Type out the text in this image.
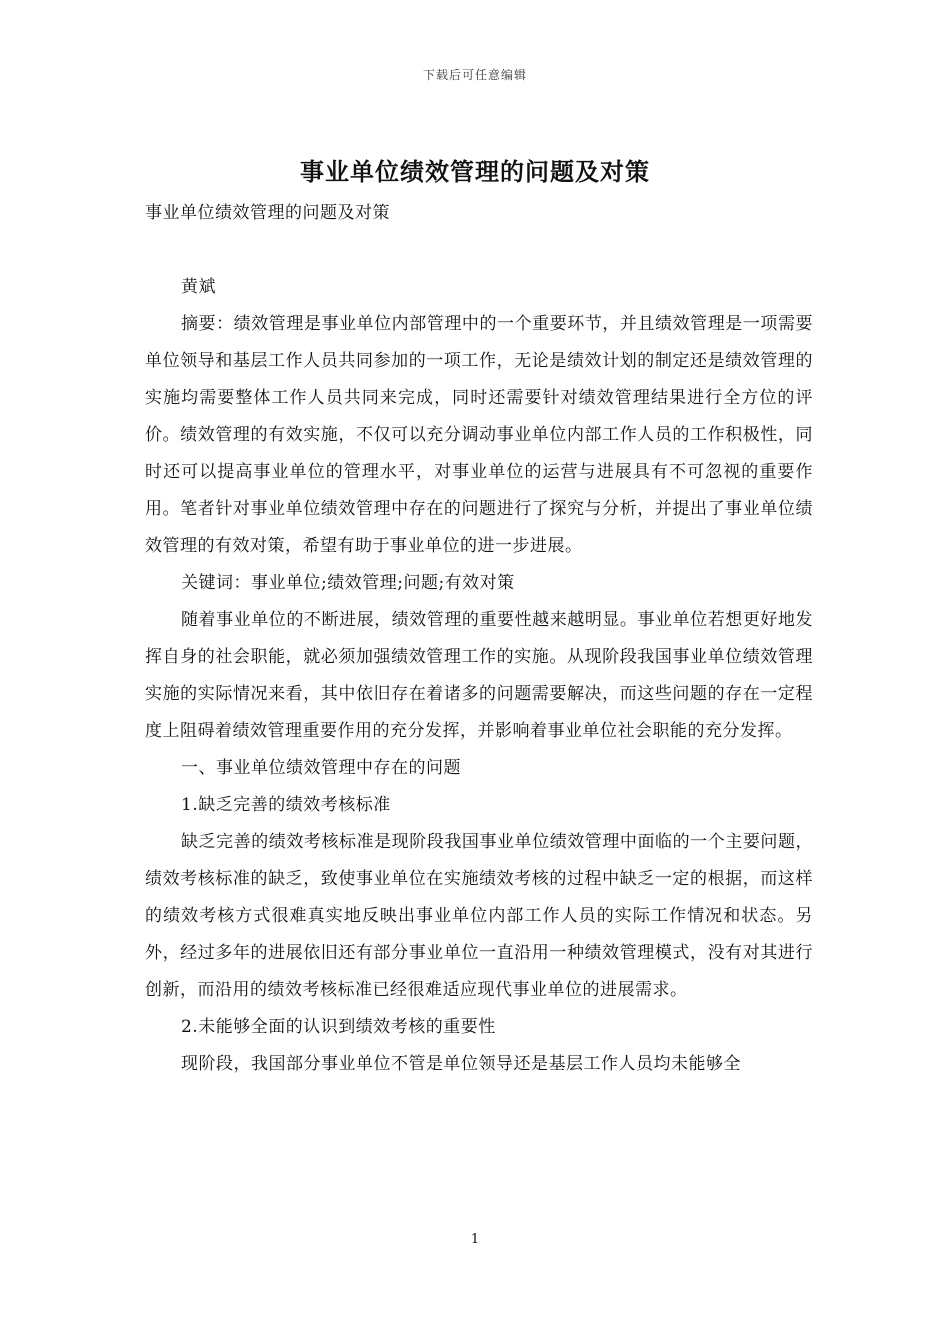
下载后可任意编辑
事业单位绩效管理的问题及对策

事业单位绩效管理的问题及对策

黄斌

摘要：绩效管理是事业单位内部管理中的一个重要环节，并且绩效管理是一项需要单位领导和基层工作人员共同参加的一项工作，无论是绩效计划的制定还是绩效管理的实施均需要整体工作人员共同来完成，同时还需要针对绩效管理结果进行全方位的评价。绩效管理的有效实施，不仅可以充分调动事业单位内部工作人员的工作积极性，同时还可以提高事业单位的管理水平，对事业单位的运营与进展具有不可忽视的重要作用。笔者针对事业单位绩效管理中存在的问题进行了探究与分析，并提出了事业单位绩效管理的有效对策，希望有助于事业单位的进一步进展。

关键词：事业单位;绩效管理;问题;有效对策

随着事业单位的不断进展，绩效管理的重要性越来越明显。事业单位若想更好地发挥自身的社会职能，就必须加强绩效管理工作的实施。从现阶段我国事业单位绩效管理实施的实际情况来看，其中依旧存在着诸多的问题需要解决，而这些问题的存在一定程度上阻碍着绩效管理重要作用的充分发挥，并影响着事业单位社会职能的充分发挥。

一、事业单位绩效管理中存在的问题

1.缺乏完善的绩效考核标准

缺乏完善的绩效考核标准是现阶段我国事业单位绩效管理中面临的一个主要问题，绩效考核标准的缺乏，致使事业单位在实施绩效考核的过程中缺乏一定的根据，而这样的绩效考核方式很难真实地反映出事业单位内部工作人员的实际工作情况和状态。另外，经过多年的进展依旧还有部分事业单位一直沿用一种绩效管理模式，没有对其进行创新，而沿用的绩效考核标准已经很难适应现代事业单位的进展需求。

2.未能够全面的认识到绩效考核的重要性

现阶段，我国部分事业单位不管是单位领导还是基层工作人员均未能够全

1
